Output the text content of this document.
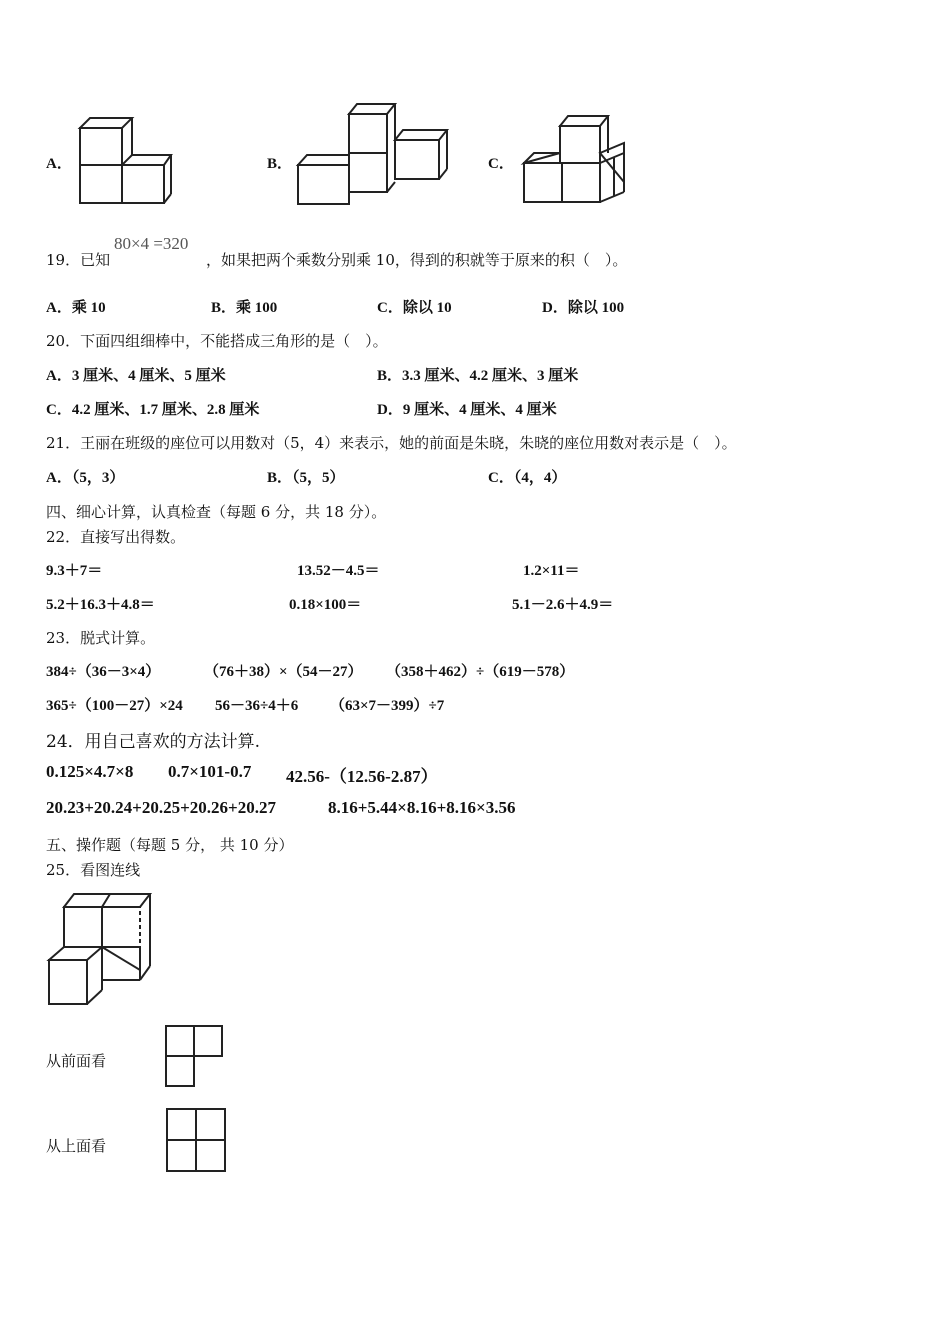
A．	B．	C．
19．已知
80×4 =320
，如果把两个乘数分别乘 10，得到的积就等于原来的积（　）。
A．乘 10	B．乘 100	C．除以 10	D．除以 100
20．下面四组细棒中，不能搭成三角形的是（　）。
A．3 厘米、4 厘米、5 厘米	B．3.3 厘米、4.2 厘米、3 厘米
C．4.2 厘米、1.7 厘米、2.8 厘米	D．9 厘米、4 厘米、4 厘米
21．王丽在班级的座位可以用数对（5，4）来表示，她的前面是朱晓，朱晓的座位用数对表示是（　）。
A．（5，3）	B．（5，5）	C．（4，4）
四、细心计算，认真检查（每题 6 分，共 18 分）。
22．直接写出得数。
9.3＋7＝	13.52－4.5＝	1.2×11＝
5.2＋16.3＋4.8＝	0.18×100＝	5.1－2.6＋4.9＝
23．脱式计算。
384÷（36－3×4）	（76＋38）×（54－27） （358＋462）÷（619－578）
365÷（100－27）×24 56－36÷4＋6 （63×7－399）÷7
24．用自己喜欢的方法计算.
0.125×4.7×8 0.7×101-0.7 42.56-（12.56-2.87）
20.23+20.24+20.25+20.26+20.27	8.16+5.44×8.16+8.16×3.56
五、操作题（每题 5 分， 共 10 分）
25．看图连线
从前面看
从上面看
